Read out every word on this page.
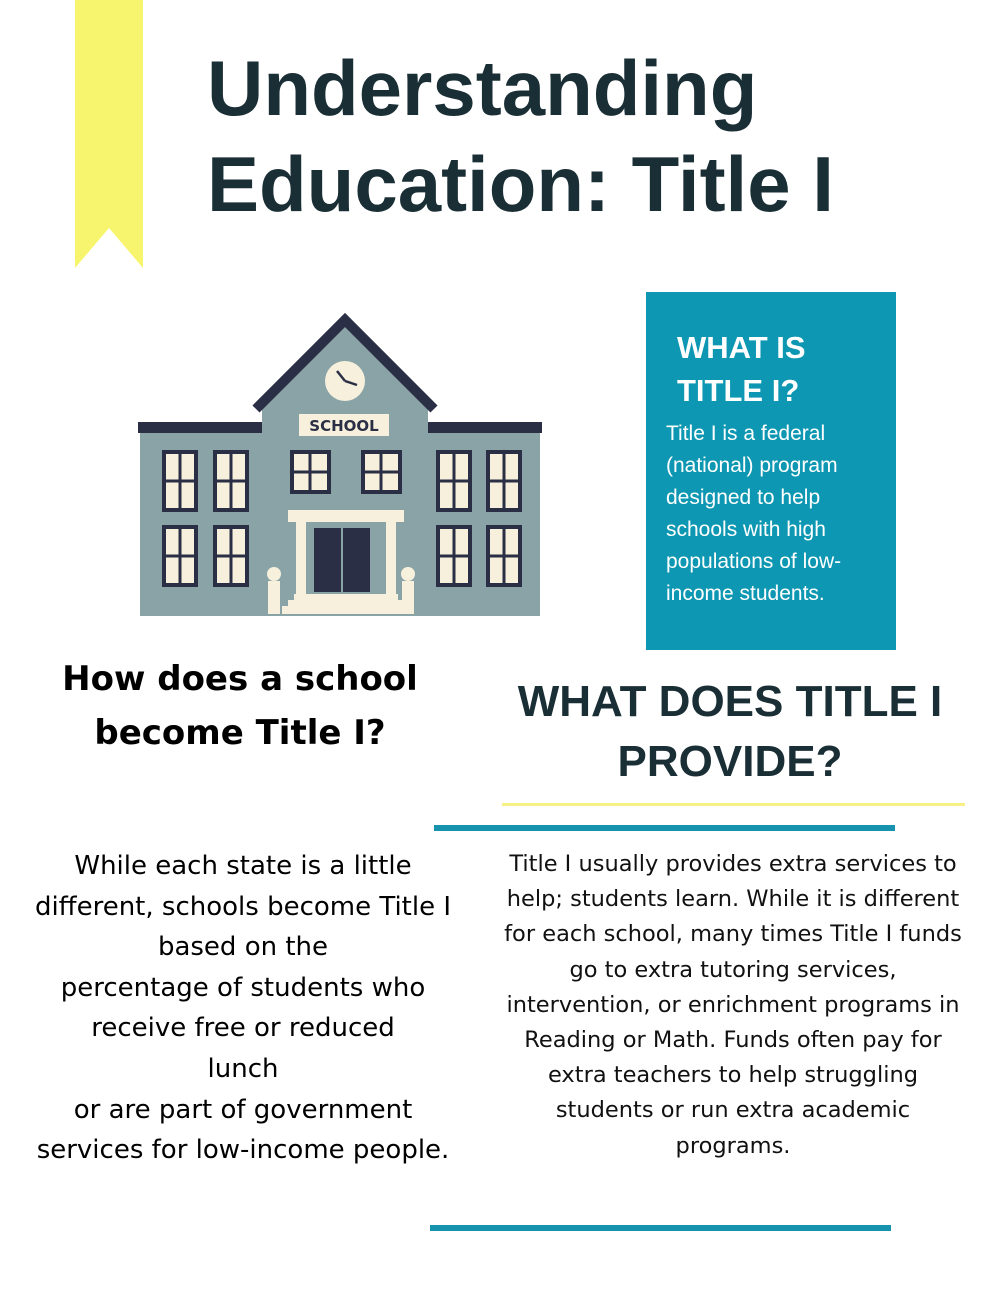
Understanding Education: Title I
SCHOOL
WHAT IS TITLE I?

Title I is a federal (national) program designed to help schools with high populations of low-income students.

How does a school become Title I?
WHAT DOES TITLE I PROVIDE?

While each state is a little
different, schools become Title I
based on the
percentage of students who
receive free or reduced
lunch
or are part of government
services for low-income people.

Title I usually provides extra services to help; students learn. While it is different for each school, many times Title I funds go to extra tutoring services, intervention, or enrichment programs in Reading or Math. Funds often pay for extra teachers to help struggling students or run extra academic programs.
